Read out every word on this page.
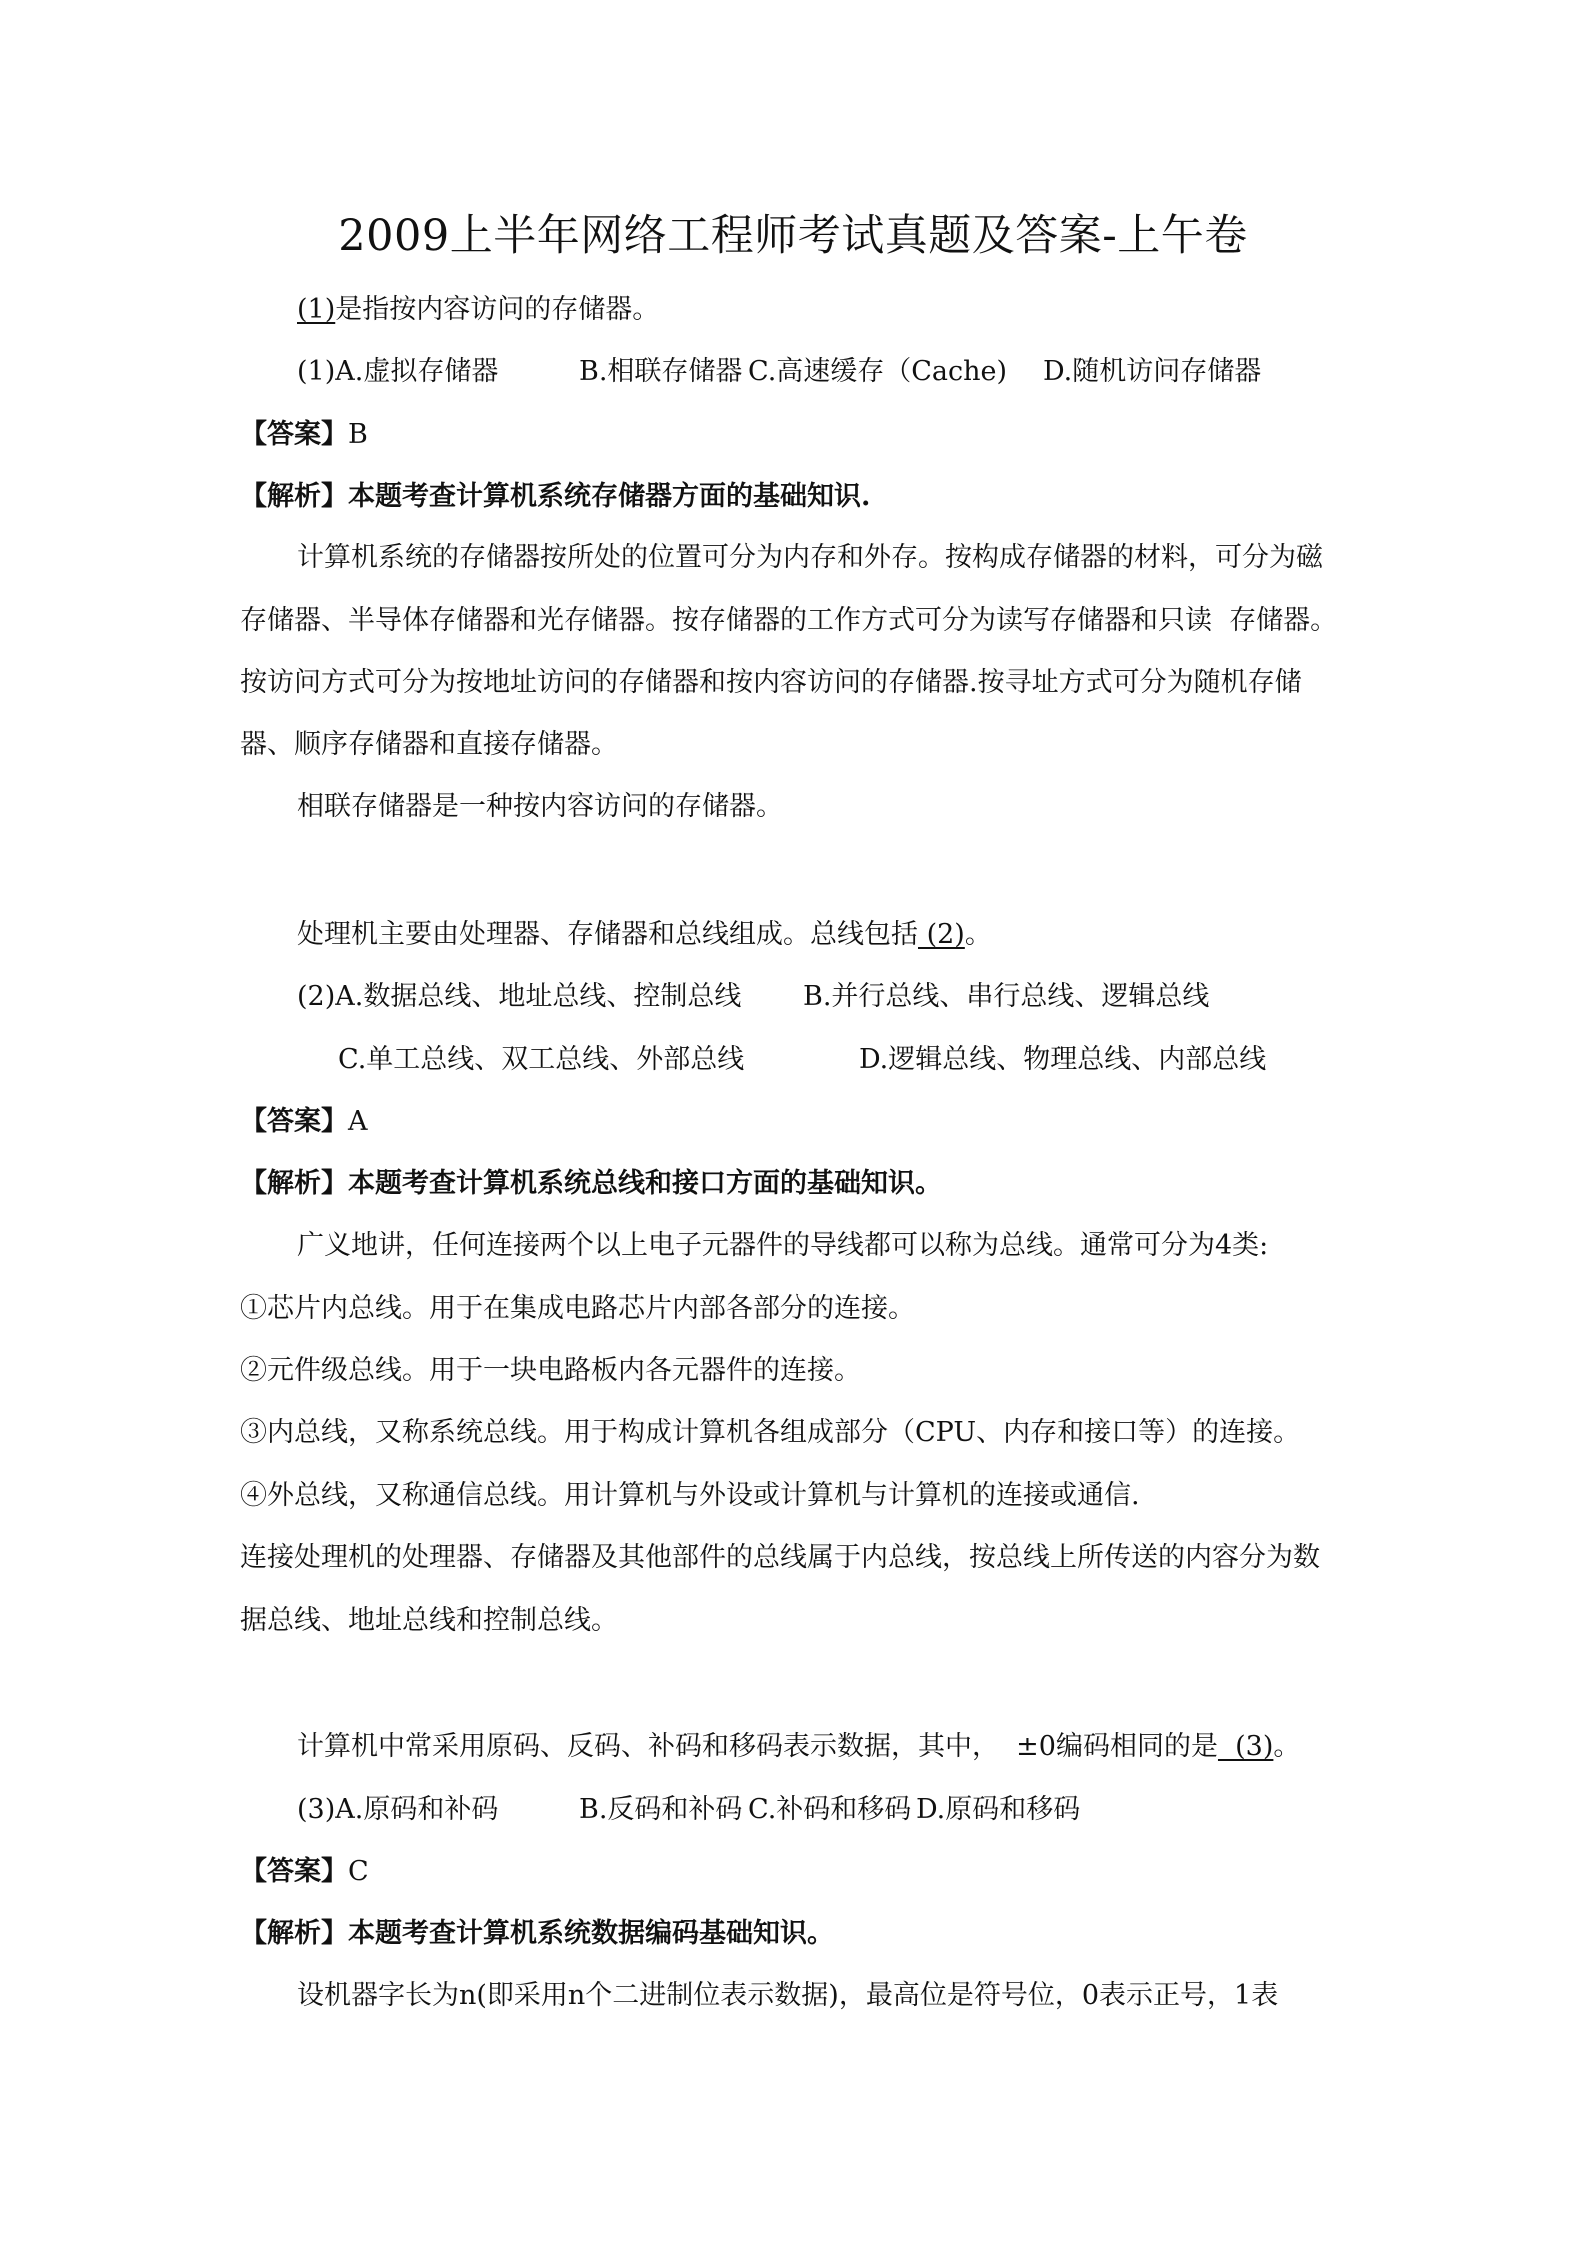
2009上半年网络工程师考试真题及答案-上午卷
(1)是指按内容访问的存储器。
(1)A.虚拟存储器	B.相联存储器 C.高速缓存（Cache) D.随机访问存储器
【答案】B
【解析】本题考查计算机系统存储器方面的基础知识.
计算机系统的存储器按所处的位置可分为内存和外存。按构成存储器的材料，可分为磁
存储器、半导体存储器和光存储器。按存储器的工作方式可分为读写存储器和只读  存储器。
按访问方式可分为按地址访问的存储器和按内容访问的存储器.按寻址方式可分为随机存储
器、顺序存储器和直接存储器。
相联存储器是一种按内容访问的存储器。
处理机主要由处理器、存储器和总线组成。总线包括 (2)。
(2)A.数据总线、地址总线、控制总线 B.并行总线、串行总线、逻辑总线
C.单工总线、双工总线、外部总线	D.逻辑总线、物理总线、内部总线
【答案】A
【解析】本题考查计算机系统总线和接口方面的基础知识。
广义地讲，任何连接两个以上电子元器件的导线都可以称为总线。通常可分为4类:
①芯片内总线。用于在集成电路芯片内部各部分的连接。
②元件级总线。用于一块电路板内各元器件的连接。
③内总线，又称系统总线。用于构成计算机各组成部分（CPU、内存和接口等）的连接。
④外总线，又称通信总线。用计算机与外设或计算机与计算机的连接或通信.
连接处理机的处理器、存储器及其他部件的总线属于内总线，按总线上所传送的内容分为数
据总线、地址总线和控制总线。
计算机中常采用原码、反码、补码和移码表示数据，其中，  ±0编码相同的是  (3)。
(3)A.原码和补码	B.反码和补码 C.补码和移码 D.原码和移码
【答案】C
【解析】本题考查计算机系统数据编码基础知识。
设机器字长为n(即采用n个二进制位表示数据)，最高位是符号位，0表示正号，1表
